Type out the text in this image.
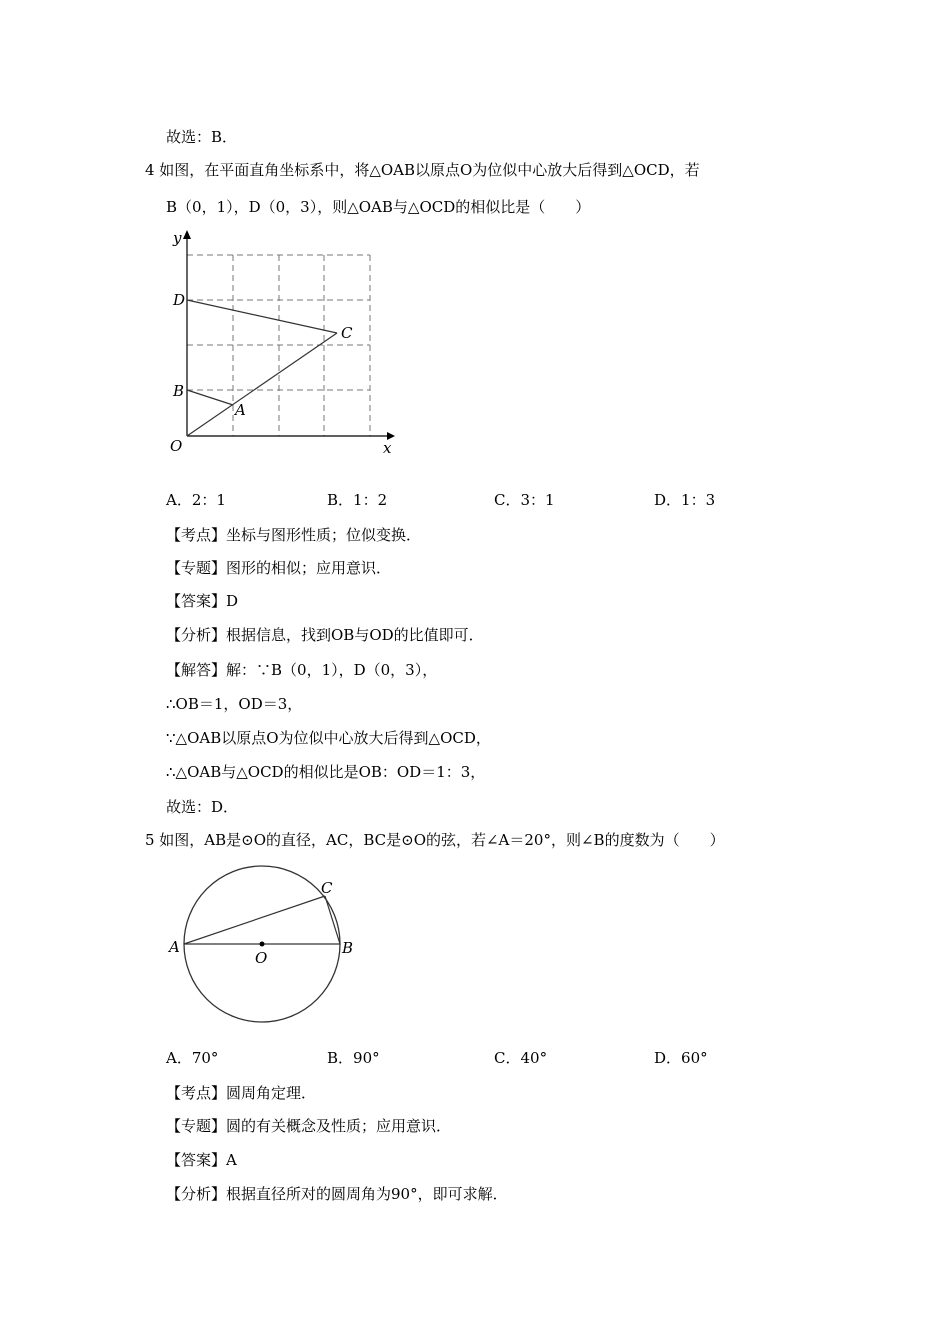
故选：B．
4 如图，在平面直角坐标系中，将△OAB以原点O为位似中心放大后得到△OCD，若
B（0，1），D（0，3），则△OAB与△OCD的相似比是（　　）
y
x
O
D
B
A
C
A．2：1	B．1：2	C．3：1	D．1：3
【考点】坐标与图形性质；位似变换．
【专题】图形的相似；应用意识．
【答案】D
【分析】根据信息，找到OB与OD的比值即可．
【解答】解：∵B（0，1），D（0，3），
∴OB＝1，OD＝3，
∵△OAB以原点O为位似中心放大后得到△OCD，
∴△OAB与△OCD的相似比是OB：OD＝1：3，
故选：D．
5 如图，AB是⊙O的直径，AC，BC是⊙O的弦，若∠A＝20°，则∠B的度数为（　　）
A	B
C
O
A．70°	B．90°	C．40°	D．60°
【考点】圆周角定理．
【专题】圆的有关概念及性质；应用意识．
【答案】A
【分析】根据直径所对的圆周角为90°，即可求解．
